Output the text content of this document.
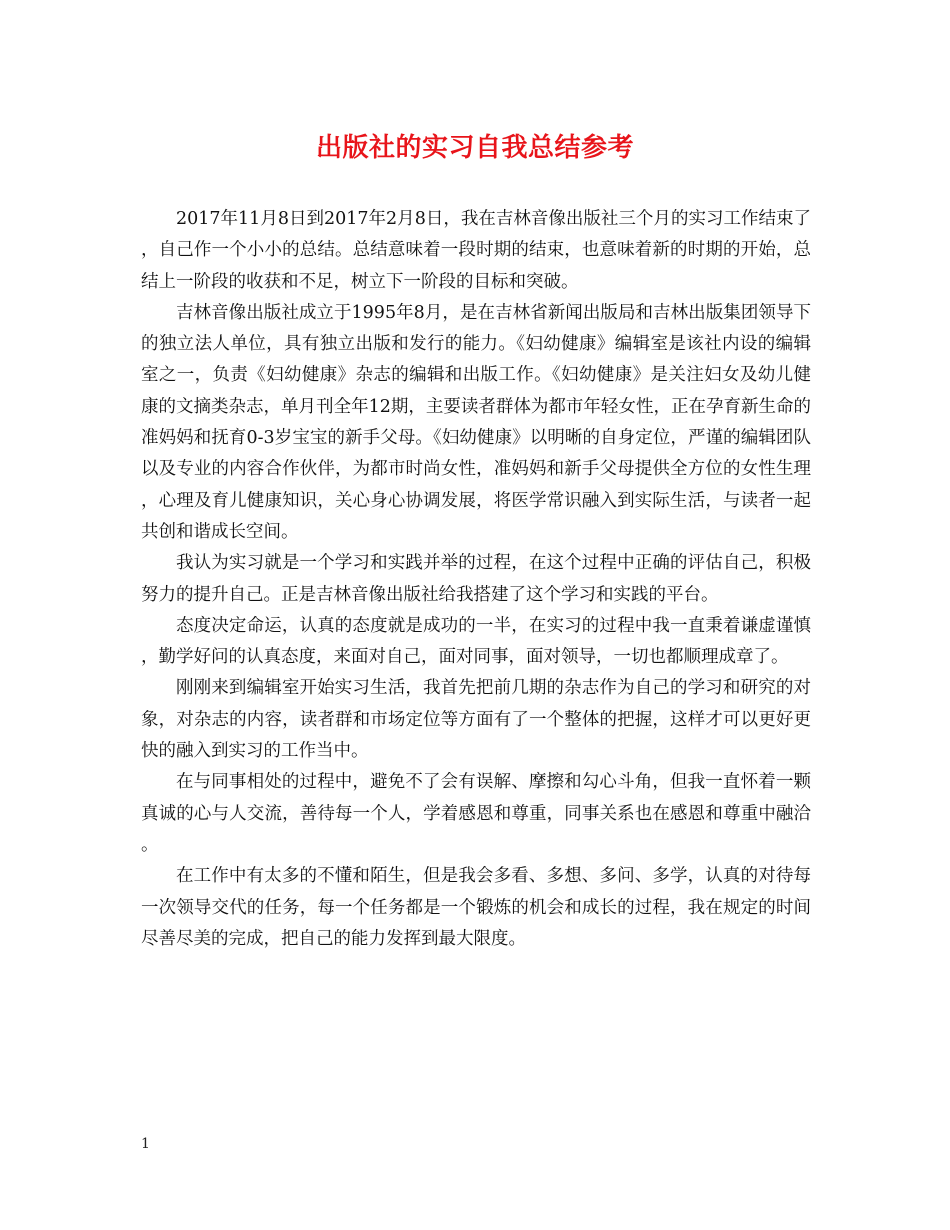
出版社的实习自我总结参考

2017年11月8日到2017年2月8日，我在吉林音像出版社三个月的实习工作结束了，自己作一个小小的总结。总结意味着一段时期的结束，也意味着新的时期的开始，总结上一阶段的收获和不足，树立下一阶段的目标和突破。

吉林音像出版社成立于1995年8月，是在吉林省新闻出版局和吉林出版集团领导下的独立法人单位，具有独立出版和发行的能力。《妇幼健康》编辑室是该社内设的编辑室之一，负责《妇幼健康》杂志的编辑和出版工作。《妇幼健康》是关注妇女及幼儿健康的文摘类杂志，单月刊全年12期，主要读者群体为都市年轻女性，正在孕育新生命的准妈妈和抚育0-3岁宝宝的新手父母。《妇幼健康》以明晰的自身定位，严谨的编辑团队以及专业的内容合作伙伴，为都市时尚女性，准妈妈和新手父母提供全方位的女性生理，心理及育儿健康知识，关心身心协调发展，将医学常识融入到实际生活，与读者一起共创和谐成长空间。

我认为实习就是一个学习和实践并举的过程，在这个过程中正确的评估自己，积极努力的提升自己。正是吉林音像出版社给我搭建了这个学习和实践的平台。

态度决定命运，认真的态度就是成功的一半，在实习的过程中我一直秉着谦虚谨慎，勤学好问的认真态度，来面对自己，面对同事，面对领导，一切也都顺理成章了。

刚刚来到编辑室开始实习生活，我首先把前几期的杂志作为自己的学习和研究的对象，对杂志的内容，读者群和市场定位等方面有了一个整体的把握，这样才可以更好更快的融入到实习的工作当中。

在与同事相处的过程中，避免不了会有误解、摩擦和勾心斗角，但我一直怀着一颗真诚的心与人交流，善待每一个人，学着感恩和尊重，同事关系也在感恩和尊重中融洽。

在工作中有太多的不懂和陌生，但是我会多看、多想、多问、多学，认真的对待每一次领导交代的任务，每一个任务都是一个锻炼的机会和成长的过程，我在规定的时间尽善尽美的完成，把自己的能力发挥到最大限度。

1
